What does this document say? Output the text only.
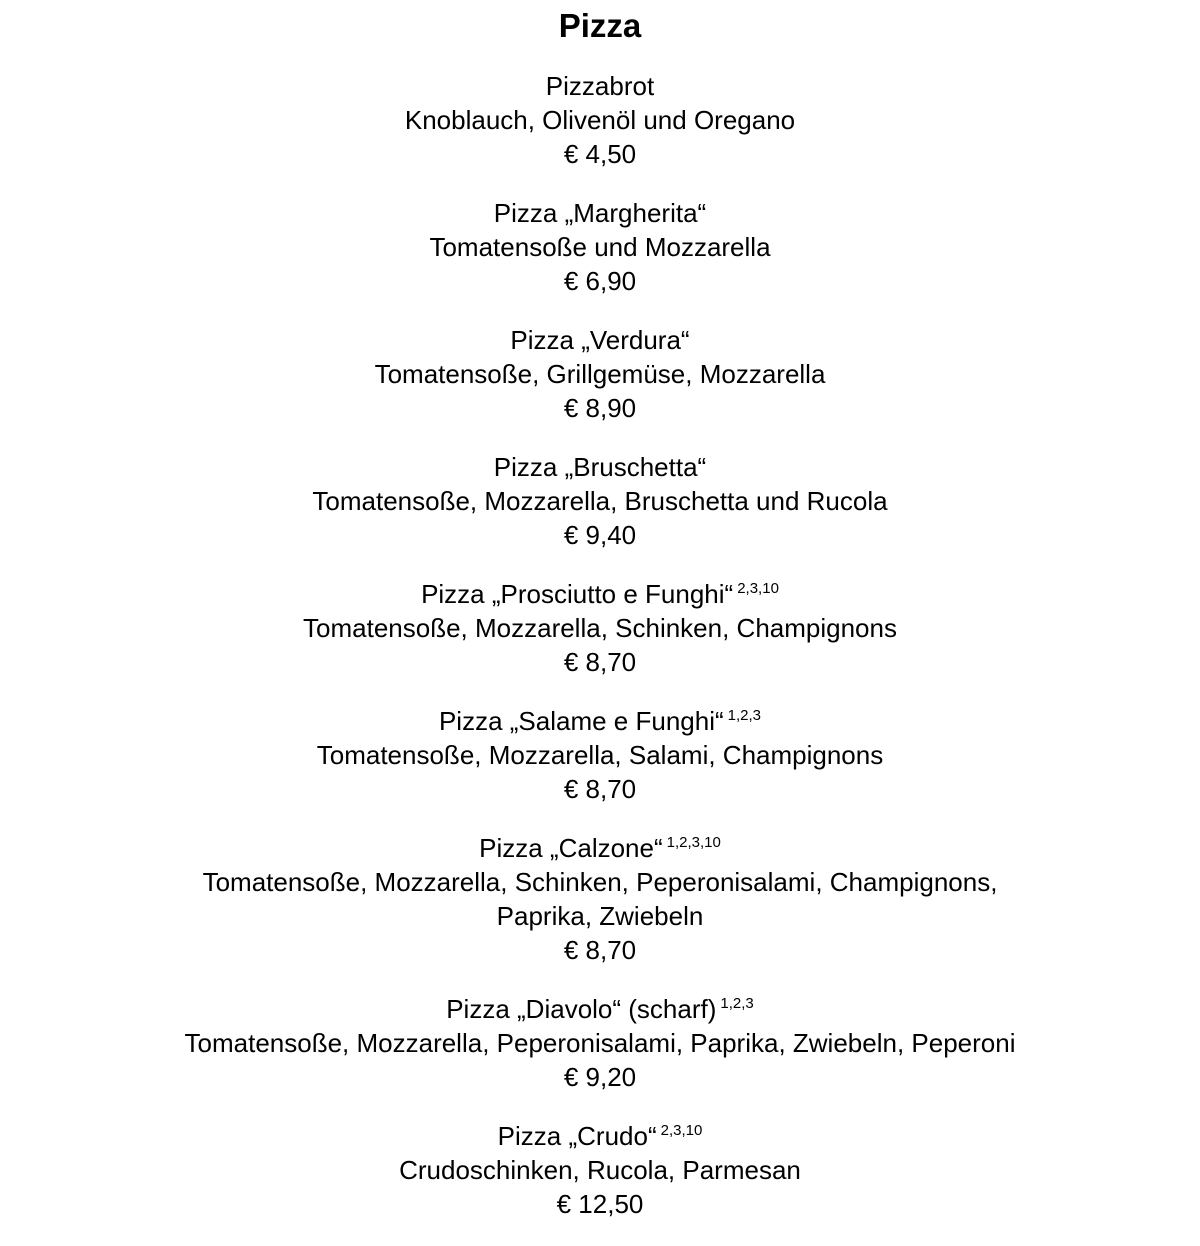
Pizza
Pizzabrot
Knoblauch, Olivenöl und Oregano
€ 4,50
Pizza „Margherita“
Tomatensoße und Mozzarella
€ 6,90
Pizza „Verdura“
Tomatensoße, Grillgemüse, Mozzarella
€ 8,90
Pizza „Bruschetta“
Tomatensoße, Mozzarella, Bruschetta und Rucola
€ 9,40
Pizza „Prosciutto e Funghi“ $^{2,3,10}$
Tomatensoße, Mozzarella, Schinken, Champignons
€ 8,70
Pizza „Salame e Funghi“ $^{1,2,3}$
Tomatensoße, Mozzarella, Salami, Champignons
€ 8,70
Pizza „Calzone“ $^{1,2,3,10}$
Tomatensoße, Mozzarella, Schinken, Peperonisalami, Champignons,
Paprika, Zwiebeln
€ 8,70
Pizza „Diavolo“ (scharf) $^{1,2,3}$
Tomatensoße, Mozzarella, Peperonisalami, Paprika, Zwiebeln, Peperoni
€ 9,20
Pizza „Crudo“ $^{2,3,10}$
Crudoschinken, Rucola, Parmesan
€ 12,50
